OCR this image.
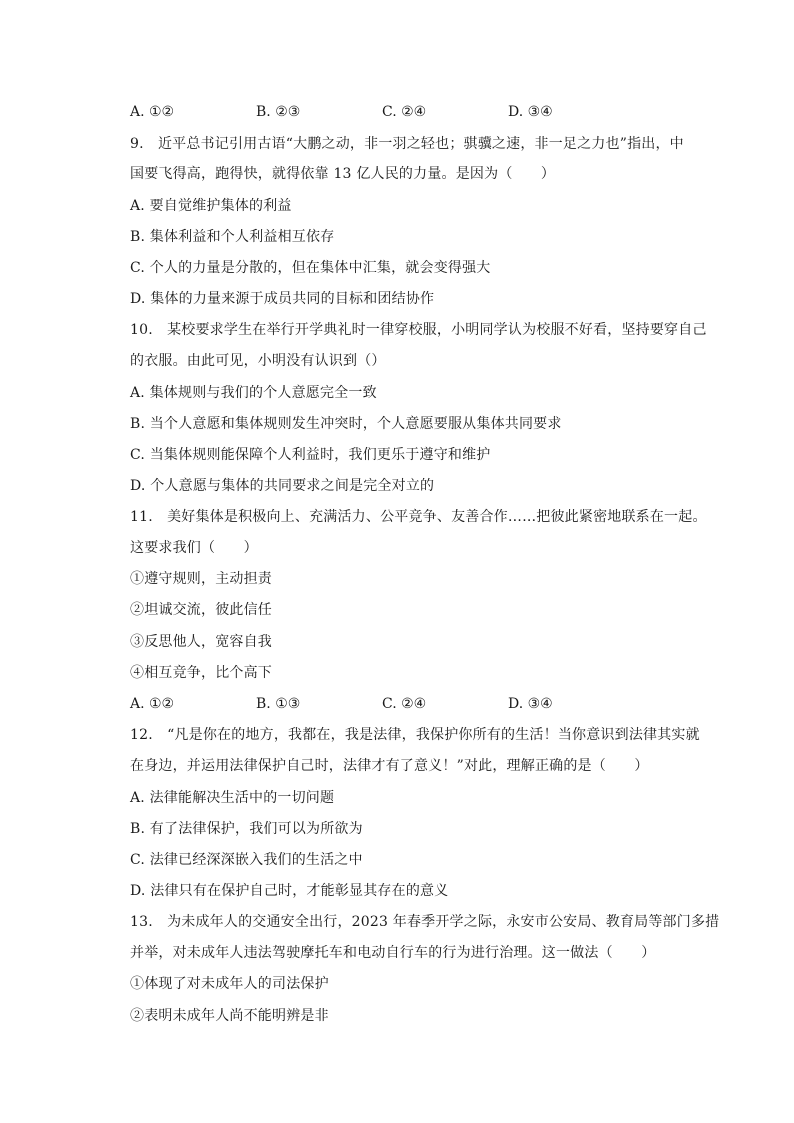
A. ①②	B. ②③	C. ②④	D. ③④
9.　近平总书记引用古语“大鹏之动，非一羽之轻也；骐骥之速，非一足之力也”指出，中
国要飞得高，跑得快，就得依靠 13 亿人民的力量。是因为（　　）
A. 要自觉维护集体的利益
B. 集体利益和个人利益相互依存
C. 个人的力量是分散的，但在集体中汇集，就会变得强大
D. 集体的力量来源于成员共同的目标和团结协作
10.　某校要求学生在举行开学典礼时一律穿校服，小明同学认为校服不好看，坚持要穿自己
的衣服。由此可见，小明没有认识到（）
A. 集体规则与我们的个人意愿完全一致
B. 当个人意愿和集体规则发生冲突时，个人意愿要服从集体共同要求
C. 当集体规则能保障个人利益时，我们更乐于遵守和维护
D. 个人意愿与集体的共同要求之间是完全对立的
11.　美好集体是积极向上、充满活力、公平竞争、友善合作……把彼此紧密地联系在一起。
这要求我们（　　）
①遵守规则，主动担责
②坦诚交流，彼此信任
③反思他人，宽容自我
④相互竞争，比个高下
A. ①②	B. ①③	C. ②④	D. ③④
12.　“凡是你在的地方，我都在，我是法律，我保护你所有的生活！当你意识到法律其实就
在身边，并运用法律保护自己时，法律才有了意义！”对此，理解正确的是（　　）
A. 法律能解决生活中的一切问题
B. 有了法律保护，我们可以为所欲为
C. 法律已经深深嵌入我们的生活之中
D. 法律只有在保护自己时，才能彰显其存在的意义
13.　为未成年人的交通安全出行，2023 年春季开学之际，永安市公安局、教育局等部门多措
并举，对未成年人违法驾驶摩托车和电动自行车的行为进行治理。这一做法（　　）
①体现了对未成年人的司法保护
②表明未成年人尚不能明辨是非
